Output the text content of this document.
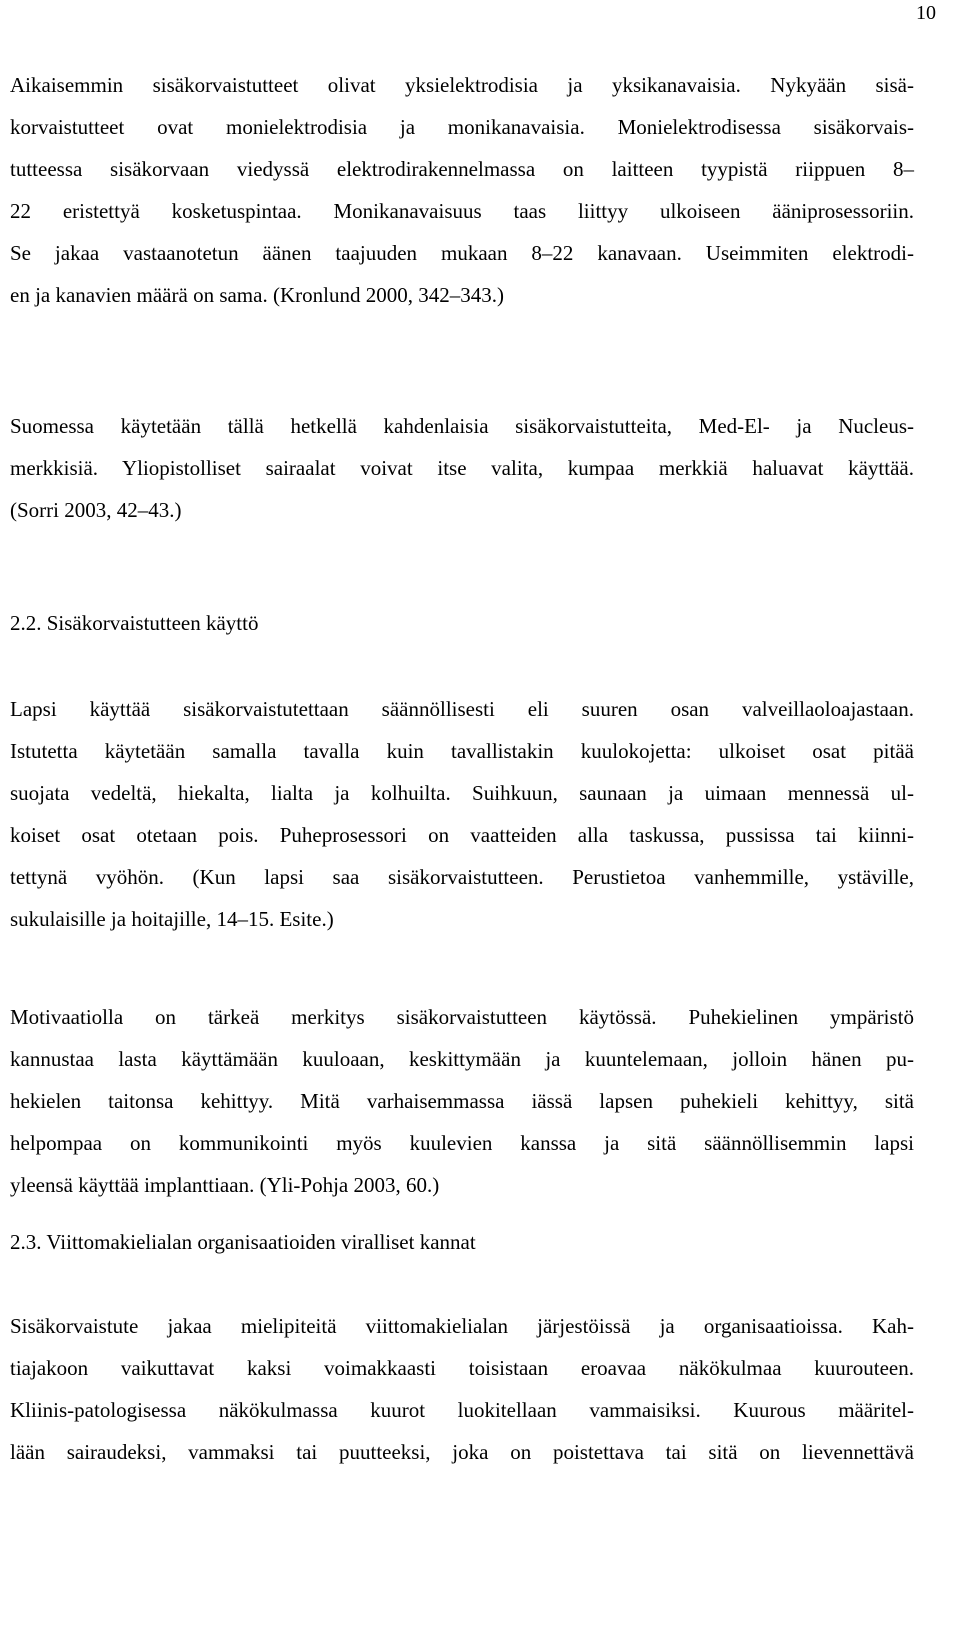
10
Aikaisemmin sisäkorvaistutteet olivat yksielektrodisia ja yksikanavaisia. Nykyään sisä-
korvaistutteet ovat monielektrodisia ja monikanavaisia. Monielektrodisessa sisäkorvais-
tutteessa sisäkorvaan viedyssä elektrodirakennelmassa on laitteen tyypistä riippuen 8–
22 eristettyä kosketuspintaa. Monikanavaisuus taas liittyy ulkoiseen ääniprosessoriin.
Se jakaa vastaanotetun äänen taajuuden mukaan 8–22 kanavaan. Useimmiten elektrodi-
en ja kanavien määrä on sama. (Kronlund 2000, 342–343.)
Suomessa käytetään tällä hetkellä kahdenlaisia sisäkorvaistutteita, Med-El- ja Nucleus-
merkkisiä. Yliopistolliset sairaalat voivat itse valita, kumpaa merkkiä haluavat käyttää.
(Sorri 2003, 42–43.)
2.2. Sisäkorvaistutteen käyttö
Lapsi käyttää sisäkorvaistutettaan säännöllisesti eli suuren osan valveillaoloajastaan.
Istutetta käytetään samalla tavalla kuin tavallistakin kuulokojetta: ulkoiset osat pitää
suojata vedeltä, hiekalta, lialta ja kolhuilta. Suihkuun, saunaan ja uimaan mennessä ul-
koiset osat otetaan pois. Puheprosessori on vaatteiden alla taskussa, pussissa tai kiinni-
tettynä vyöhön. (Kun lapsi saa sisäkorvaistutteen. Perustietoa vanhemmille, ystäville,
sukulaisille ja hoitajille, 14–15. Esite.)
Motivaatiolla on tärkeä merkitys sisäkorvaistutteen käytössä. Puhekielinen ympäristö
kannustaa lasta käyttämään kuuloaan, keskittymään ja kuuntelemaan, jolloin hänen pu-
hekielen taitonsa kehittyy. Mitä varhaisemmassa iässä lapsen puhekieli kehittyy, sitä
helpompaa on kommunikointi myös kuulevien kanssa ja sitä säännöllisemmin lapsi
yleensä käyttää implanttiaan. (Yli-Pohja 2003, 60.)
2.3. Viittomakielialan organisaatioiden viralliset kannat
Sisäkorvaistute jakaa mielipiteitä viittomakielialan järjestöissä ja organisaatioissa. Kah-
tiajakoon vaikuttavat kaksi voimakkaasti toisistaan eroavaa näkökulmaa kuurouteen.
Kliinis-patologisessa näkökulmassa kuurot luokitellaan vammaisiksi. Kuurous määritel-
lään sairaudeksi, vammaksi tai puutteeksi, joka on poistettava tai sitä on lievennettävä
